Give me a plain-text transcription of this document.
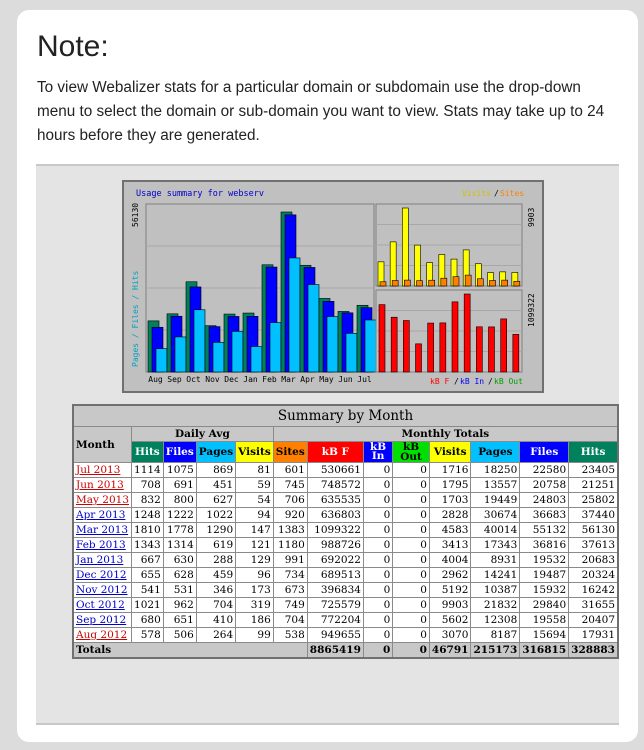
Note:
To view Webalizer stats for a particular domain or subdomain use the drop-down menu to select the domain or sub-domain you want to view. Stats may take up to 24 hours before they are generated.
Aug Sep Oct Nov Dec Jan Feb Mar Apr May Jun Jul
Usage summary for webserv
Pages / Files / Hits
56130
Visits / Sites
9903
1099322
kB F / kB In / kB Out
Summary by Month												
Month	Daily Avg				Monthly Totals							
	Hits	Files	Pages	Visits	Sites	kB F	kB In	kB Out	Visits	Pages	Files	Hits
Jul 2013	1114	1075	869	81	601	530661	0	0	1716	18250	22580	23405
Jun 2013	708	691	451	59	745	748572	0	0	1795	13557	20758	21251
May 2013	832	800	627	54	706	635535	0	0	1703	19449	24803	25802
Apr 2013	1248	1222	1022	94	920	636803	0	0	2828	30674	36683	37440
Mar 2013	1810	1778	1290	147	1383	1099322	0	0	4583	40014	55132	56130
Feb 2013	1343	1314	619	121	1180	988726	0	0	3413	17343	36816	37613
Jan 2013	667	630	288	129	991	692022	0	0	4004	8931	19532	20683
Dec 2012	655	628	459	96	734	689513	0	0	2962	14241	19487	20324
Nov 2012	541	531	346	173	673	396834	0	0	5192	10387	15932	16242
Oct 2012	1021	962	704	319	749	725579	0	0	9903	21832	29840	31655
Sep 2012	680	651	410	186	704	772204	0	0	5602	12308	19558	20407
Aug 2012	578	506	264	99	538	949655	0	0	3070	8187	15694	17931
Totals						8865419	0	0	46791	215173	316815	328883
